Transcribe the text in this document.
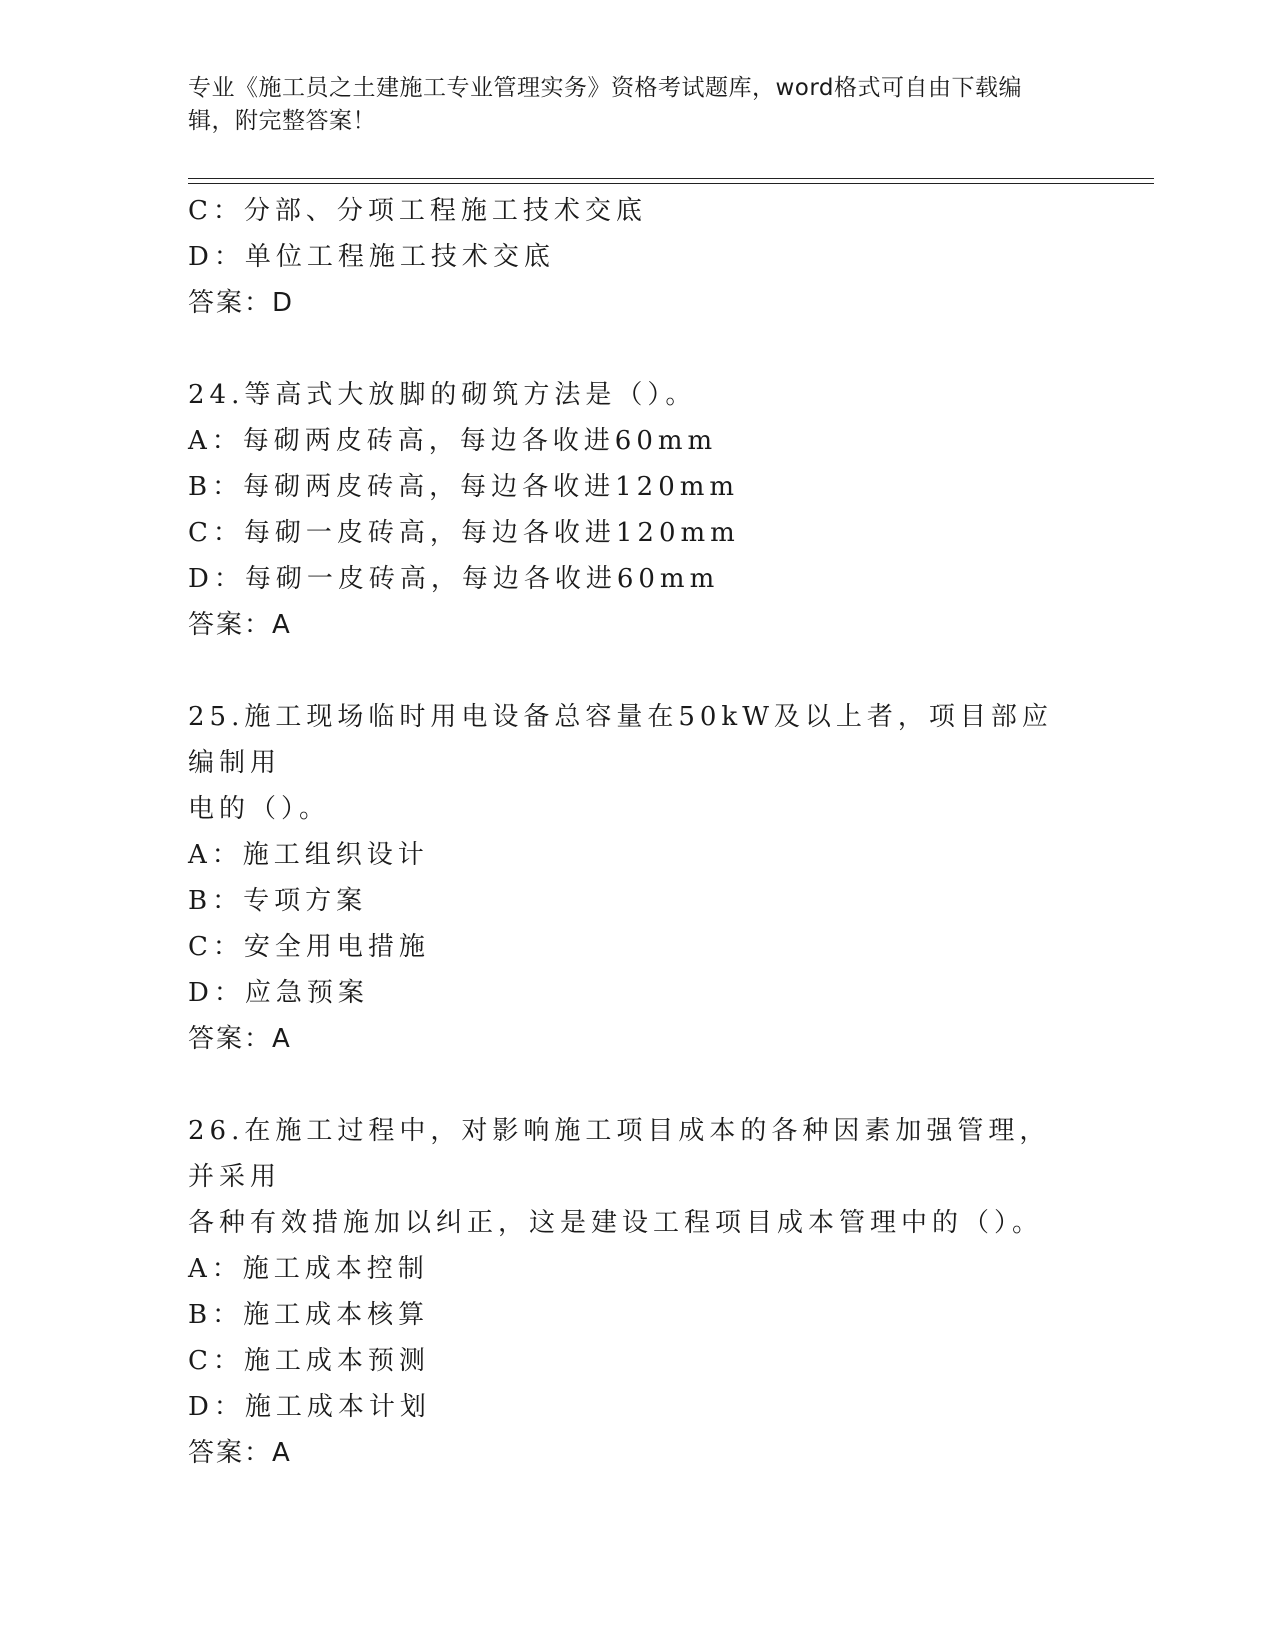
专业《施工员之土建施工专业管理实务》资格考试题库，word格式可自由下载编
辑，附完整答案！
C：分部、分项工程施工技术交底
D：单位工程施工技术交底
答案：D
24.等高式大放脚的砌筑方法是（）。
A：每砌两皮砖高，每边各收进60mm
B：每砌两皮砖高，每边各收进120mm
C：每砌一皮砖高，每边各收进120mm
D：每砌一皮砖高，每边各收进60mm
答案：A
25.施工现场临时用电设备总容量在50kW及以上者，项目部应编制用
电的（）。
A：施工组织设计
B：专项方案
C：安全用电措施
D：应急预案
答案：A
26.在施工过程中，对影响施工项目成本的各种因素加强管理，并采用
各种有效措施加以纠正，这是建设工程项目成本管理中的（）。
A：施工成本控制
B：施工成本核算
C：施工成本预测
D：施工成本计划
答案：A
